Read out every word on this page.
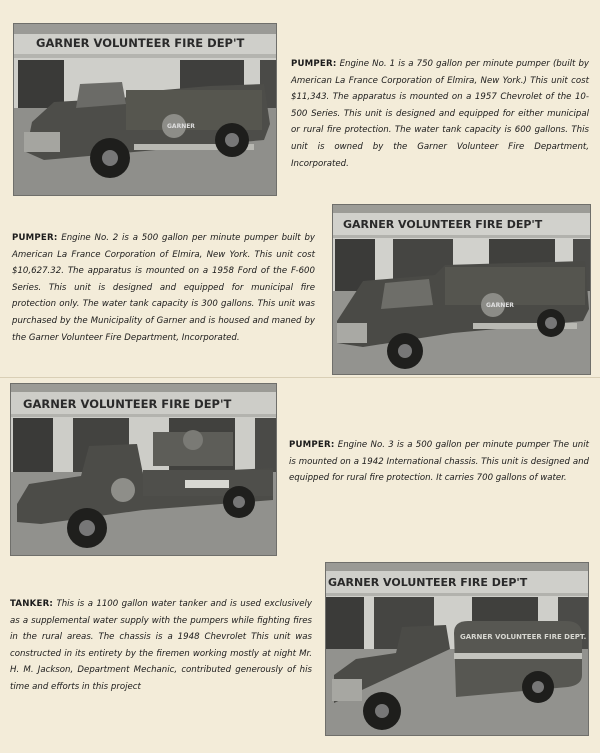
GARNER VOLUNTEER FIRE DEP'T
GARNER
PUMPER: Engine No. 1 is a 750 gallon per minute pumper (built by American La France Corporation of Elmira, New York.) This unit cost $11,343. The apparatus is mounted on a 1957 Chevrolet of the 10-500 Series. This unit is designed and equipped for either municipal or rural fire protection. The water tank capacity is 600 gallons. This unit is owned by the Garner Volunteer Fire Department, Incorporated.
GARNER VOLUNTEER FIRE DEP'T
GARNER
PUMPER: Engine No. 2 is a 500 gallon per minute pumper built by American La France Corporation of Elmira, New York. This unit cost $10,627.32. The apparatus is mounted on a 1958 Ford of the F-600 Series. This unit is designed and equipped for municipal fire protection only. The water tank capacity is 300 gallons. This unit was purchased by the Municipality of Garner and is housed and maned by the Garner Volunteer Fire Department, Incorporated.
GARNER VOLUNTEER FIRE DEP'T
PUMPER: Engine No. 3 is a 500 gallon per minute pumper The unit is mounted on a 1942 International chassis. This unit is designed and equipped for rural fire protection. It carries 700 gallons of water.
GARNER VOLUNTEER FIRE DEP'T
GARNER VOLUNTEER FIRE DEPT.
TANKER: This is a 1100 gallon water tanker and is used exclusively as a supplemental water supply with the pumpers while fighting fires in the rural areas. The chassis is a 1948 Chevrolet This unit was constructed in its entirety by the firemen working mostly at night Mr. H. M. Jackson, Department Mechanic, contributed generously of his time and efforts in this project
